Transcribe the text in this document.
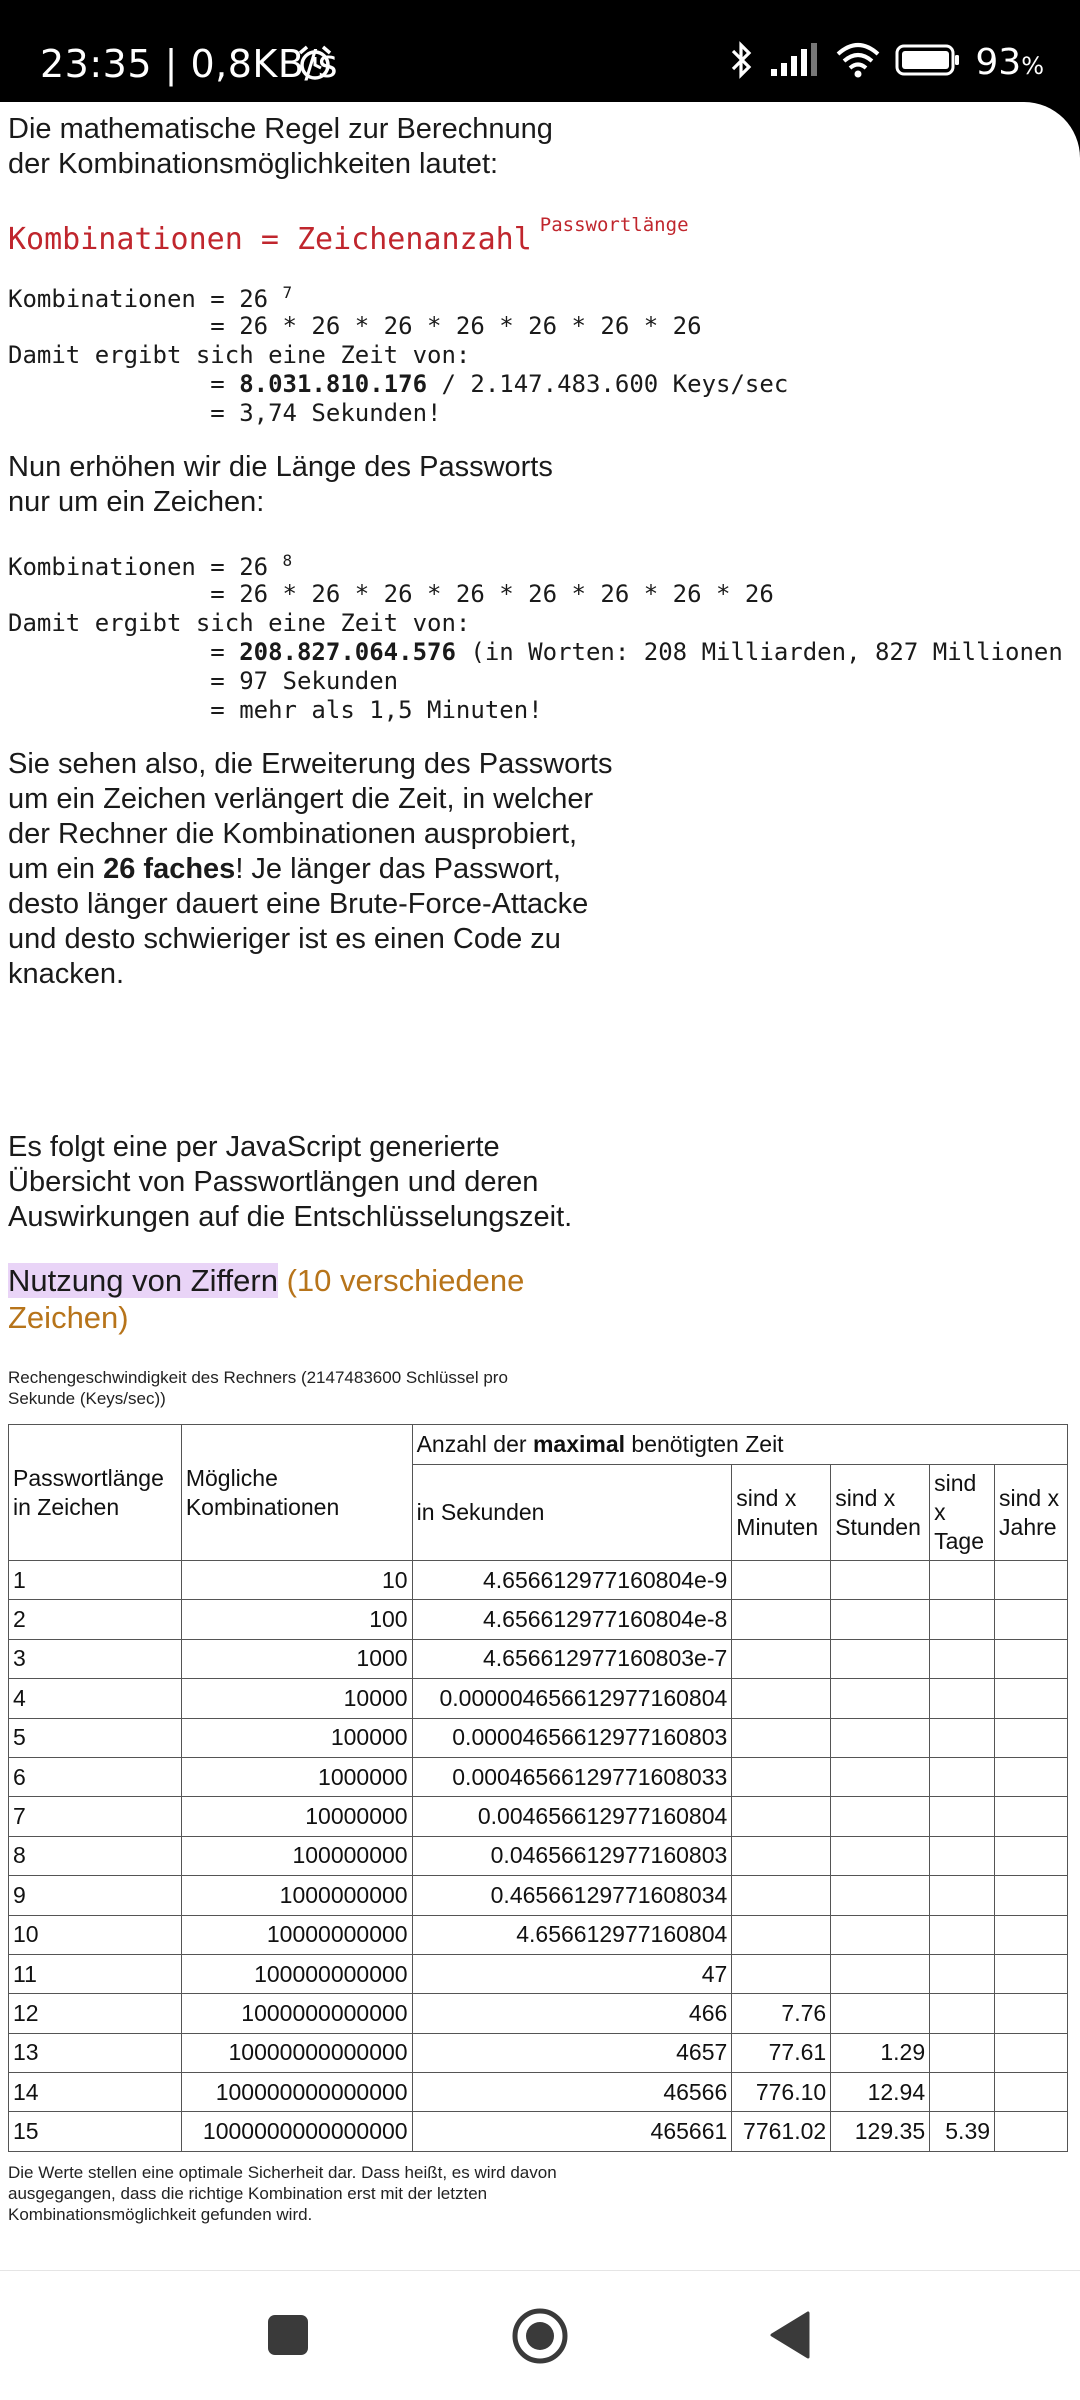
23:35 | 0,8KB/s	93%
Die mathematische Regel zur Berechnung der Kombinationsmöglichkeiten lautet:
Kombinationen = Zeichenanzahl $^{Passwortlänge}$
Kombinationen = 26 $^7$
= 26 * 26 * 26 * 26 * 26 * 26 * 26
Damit ergibt sich eine Zeit von:
= 8.031.810.176 / 2.147.483.600 Keys/sec
= 3,74 Sekunden!
Nun erhöhen wir die Länge des Passworts nur um ein Zeichen:
Kombinationen = 26 $^8$
= 26 * 26 * 26 * 26 * 26 * 26 * 26 * 26
Damit ergibt sich eine Zeit von:
= 208.827.064.576 (in Worten: 208 Milliarden, 827 Millionen
= 97 Sekunden
= mehr als 1,5 Minuten!
Sie sehen also, die Erweiterung des Passworts um ein Zeichen verlängert die Zeit, in welcher der Rechner die Kombinationen ausprobiert, um ein 26 faches! Je länger das Passwort, desto länger dauert eine Brute-Force-Attacke und desto schwieriger ist es einen Code zu knacken.
Es folgt eine per JavaScript generierte Übersicht von Passwortlängen und deren Auswirkungen auf die Entschlüsselungszeit.
Nutzung von Ziffern (10 verschiedene Zeichen)
Rechengeschwindigkeit des Rechners (2147483600 Schlüssel pro Sekunde (Keys/sec))
Passwortlänge in Zeichen	Mögliche Kombinationen	Anzahl der maximal benötigten Zeit				
		in Sekunden	sind x Minuten	sind x Stunden	sind x Tage	sind x Jahre
1	10	4.656612977160804e-9				
2	100	4.656612977160804e-8				
3	1000	4.656612977160803e-7				
4	10000	0.000004656612977160804				
5	100000	0.00004656612977160803				
6	1000000	0.00046566129771608033				
7	10000000	0.004656612977160804				
8	100000000	0.04656612977160803				
9	1000000000	0.46566129771608034				
10	10000000000	4.656612977160804				
11	100000000000	47				
12	1000000000000	466	7.76			
13	10000000000000	4657	77.61	1.29		
14	100000000000000	46566	776.10	12.94		
15	1000000000000000	465661	7761.02	129.35	5.39	
Die Werte stellen eine optimale Sicherheit dar. Dass heißt, es wird davon ausgegangen, dass die richtige Kombination erst mit der letzten Kombinationsmöglichkeit gefunden wird.
